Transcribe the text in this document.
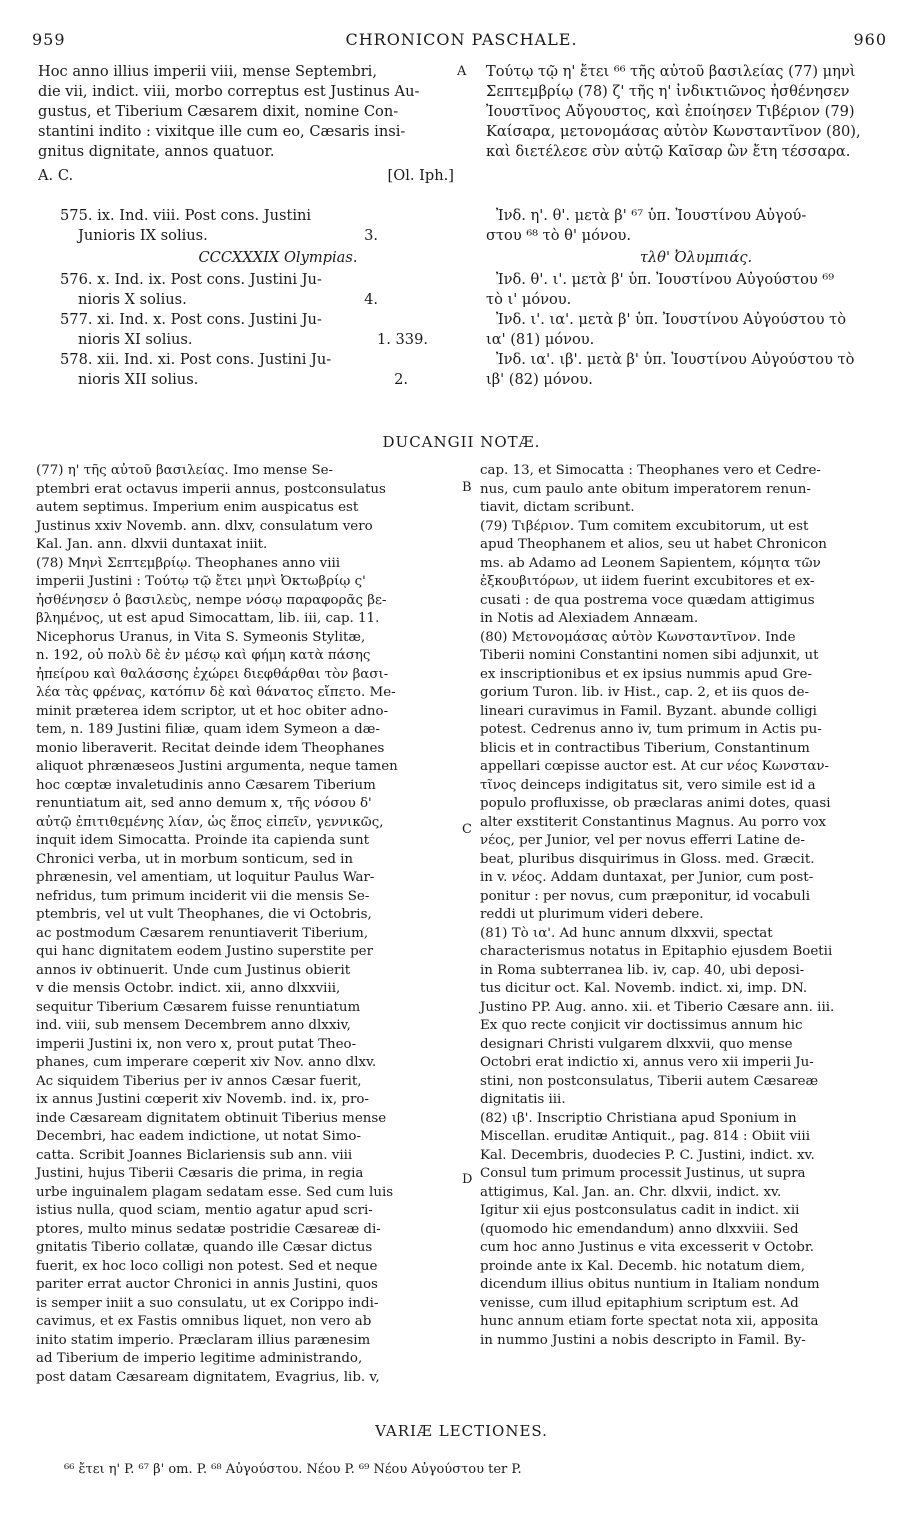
959	CHRONICON PASCHALE.	960
Hoc anno illius imperii viii, mense Septembri,
die vii, indict. viii, morbo correptus est Justinus Au-
gustus, et Tiberium Cæsarem dixit, nomine Con-
stantini indito : vixitque ille cum eo, Cæsaris insi-
gnitus dignitate, annos quatuor.
A. C.	[Ol. Iph.]
A
575. ix. Ind. viii. Post cons. Justini
Junioris IX solius.	3.
CCCXXXIX Olympias.
576. x. Ind. ix. Post cons. Justini Ju-
nioris X solius.	4.
577. xi. Ind. x. Post cons. Justini Ju-
nioris XI solius.	1. 339.
578. xii. Ind. xi. Post cons. Justini Ju-
nioris XII solius.	2.
Τούτῳ τῷ η' ἔτει ⁶⁶ τῆς αὐτοῦ βασιλείας (77) μηνὶ
Σεπτεμβρίῳ (78) ζ' τῆς η' ἰνδικτιῶνος ἠσθένησεν
Ἰουστῖνος Αὔγουστος, καὶ ἐποίησεν Τιβέριον (79)
Καίσαρα, μετονομάσας αὐτὸν Κωνσταντῖνον (80),
καὶ διετέλεσε σὺν αὐτῷ Καῖσαρ ὢν ἔτη τέσσαρα.
Ἰνδ. η'. θ'. μετὰ β' ⁶⁷ ὑπ. Ἰουστίνου Αὐγού-
στου ⁶⁸ τὸ θ' μόνου.
τλθ' Ὀλυμπιάς.
Ἰνδ. θ'. ι'. μετὰ β' ὑπ. Ἰουστίνου Αὐγούστου ⁶⁹
τὸ ι' μόνου.
Ἰνδ. ι'. ια'. μετὰ β' ὑπ. Ἰουστίνου Αὐγούστου τὸ
ια' (81) μόνου.
Ἰνδ. ια'. ιβ'. μετὰ β' ὑπ. Ἰουστίνου Αὐγούστου τὸ
ιβ' (82) μόνου.
DUCANGII NOTÆ.
(77) η' τῆς αὐτοῦ βασιλείας. Imo mense Se-
ptembri erat octavus imperii annus, postconsulatus
autem septimus. Imperium enim auspicatus est
Justinus xxiv Novemb. ann. dlxv, consulatum vero
Kal. Jan. ann. dlxvii duntaxat iniit.
(78) Μηνὶ Σεπτεμβρίῳ. Theophanes anno viii
imperii Justini : Τούτῳ τῷ ἔτει μηνὶ Ὀκτωβρίῳ ς'
ἠσθένησεν ὁ βασιλεὺς, nempe νόσῳ παραφορᾶς βε-
βλημένος, ut est apud Simocattam, lib. iii, cap. 11.
Nicephorus Uranus, in Vita S. Symeonis Stylitæ,
n. 192, οὐ πολὺ δὲ ἐν μέσῳ καὶ φήμη κατὰ πάσης
ἠπείρου καὶ θαλάσσης ἐχώρει διεφθάρθαι τὸν βασι-
λέα τὰς φρένας, κατόπιν δὲ καὶ θάνατος εἴπετο. Me-
minit præterea idem scriptor, ut et hoc obiter adno-
tem, n. 189 Justini filiæ, quam idem Symeon a dæ-
monio liberaverit. Recitat deinde idem Theophanes
aliquot phrænæseos Justini argumenta, neque tamen
hoc cœptæ invaletudinis anno Cæsarem Tiberium
renuntiatum ait, sed anno demum x, τῆς νόσου δ'
αὐτῷ ἐπιτιθεμένης λίαν, ὡς ἔπος εἰπεῖν, γεννικῶς,
inquit idem Simocatta. Proinde ita capienda sunt
Chronici verba, ut in morbum sonticum, sed in
phrænesin, vel amentiam, ut loquitur Paulus War-
nefridus, tum primum inciderit vii die mensis Se-
ptembris, vel ut vult Theophanes, die vi Octobris,
ac postmodum Cæsarem renuntiaverit Tiberium,
qui hanc dignitatem eodem Justino superstite per
annos iv obtinuerit. Unde cum Justinus obierit
v die mensis Octobr. indict. xii, anno dlxxviii,
sequitur Tiberium Cæsarem fuisse renuntiatum
ind. viii, sub mensem Decembrem anno dlxxiv,
imperii Justini ix, non vero x, prout putat Theo-
phanes, cum imperare cœperit xiv Nov. anno dlxv.
Ac siquidem Tiberius per iv annos Cæsar fuerit,
ix annus Justini cœperit xiv Novemb. ind. ix, pro-
inde Cæsaream dignitatem obtinuit Tiberius mense
Decembri, hac eadem indictione, ut notat Simo-
catta. Scribit Joannes Biclariensis sub ann. viii
Justini, hujus Tiberii Cæsaris die prima, in regia
urbe inguinalem plagam sedatam esse. Sed cum luis
istius nulla, quod sciam, mentio agatur apud scri-
ptores, multo minus sedatæ postridie Cæsareæ di-
gnitatis Tiberio collatæ, quando ille Cæsar dictus
fuerit, ex hoc loco colligi non potest. Sed et neque
pariter errat auctor Chronici in annis Justini, quos
is semper iniit a suo consulatu, ut ex Corippo indi-
cavimus, et ex Fastis omnibus liquet, non vero ab
inito statim imperio. Præclaram illius parænesim
ad Tiberium de imperio legitime administrando,
post datam Cæsaream dignitatem, Evagrius, lib. v,
B
C
D
cap. 13, et Simocatta : Theophanes vero et Cedre-
nus, cum paulo ante obitum imperatorem renun-
tiavit, dictam scribunt.
(79) Τιβέριον. Tum comitem excubitorum, ut est
apud Theophanem et alios, seu ut habet Chronicon
ms. ab Adamo ad Leonem Sapientem, κόμητα τῶν
ἐξκουβιτόρων, ut iidem fuerint excubitores et ex-
cusati : de qua postrema voce quædam attigimus
in Notis ad Alexiadem Annæam.
(80) Μετονομάσας αὐτὸν Κωνσταντῖνον. Inde
Tiberii nomini Constantini nomen sibi adjunxit, ut
ex inscriptionibus et ex ipsius nummis apud Gre-
gorium Turon. lib. iv Hist., cap. 2, et iis quos de-
lineari curavimus in Famil. Byzant. abunde colligi
potest. Cedrenus anno iv, tum primum in Actis pu-
blicis et in contractibus Tiberium, Constantinum
appellari cœpisse auctor est. At cur νέος Κωνσταν-
τῖνος deinceps indigitatus sit, vero simile est id a
populo profluxisse, ob præclaras animi dotes, quasi
alter exstiterit Constantinus Magnus. Au porro vox
νέος, per Junior, vel per novus efferri Latine de-
beat, pluribus disquirimus in Gloss. med. Græcit.
in v. νέος. Addam duntaxat, per Junior, cum post-
ponitur : per novus, cum præponitur, id vocabuli
reddi ut plurimum videri debere.
(81) Τὸ ια'. Ad hunc annum dlxxvii, spectat
characterismus notatus in Epitaphio ejusdem Boetii
in Roma subterranea lib. iv, cap. 40, ubi deposi-
tus dicitur oct. Kal. Novemb. indict. xi, imp. DN.
Justino PP. Aug. anno. xii. et Tiberio Cæsare ann. iii.
Ex quo recte conjicit vir doctissimus annum hic
designari Christi vulgarem dlxxvii, quo mense
Octobri erat indictio xi, annus vero xii imperii Ju-
stini, non postconsulatus, Tiberii autem Cæsareæ
dignitatis iii.
(82) ιβ'. Inscriptio Christiana apud Sponium in
Miscellan. eruditæ Antiquit., pag. 814 : Obiit viii
Kal. Decembris, duodecies P. C. Justini, indict. xv.
Consul tum primum processit Justinus, ut supra
attigimus, Kal. Jan. an. Chr. dlxvii, indict. xv.
Igitur xii ejus postconsulatus cadit in indict. xii
(quomodo hic emendandum) anno dlxxviii. Sed
cum hoc anno Justinus e vita excesserit v Octobr.
proinde ante ix Kal. Decemb. hic notatum diem,
dicendum illius obitus nuntium in Italiam nondum
venisse, cum illud epitaphium scriptum est. Ad
hunc annum etiam forte spectat nota xii, apposita
in nummo Justini a nobis descripto in Famil. By-
VARIÆ LECTIONES.
⁶⁶ ἔτει η' P. ⁶⁷ β' om. P. ⁶⁸ Αὐγούστου. Νέου P. ⁶⁹ Νέου Αὐγούστου ter P.
